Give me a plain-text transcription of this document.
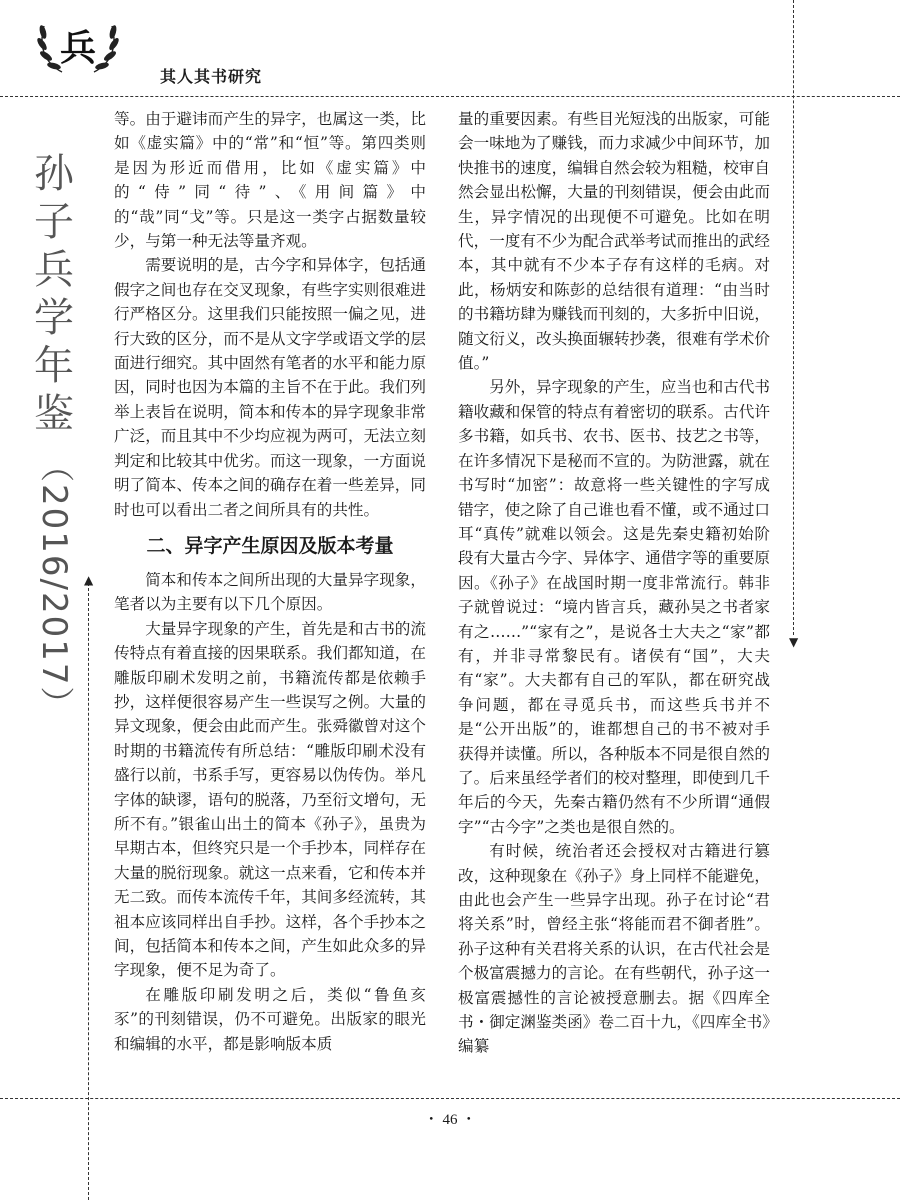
兵
其人其书研究
▲
▼
孙
子
兵
学
年
鉴
（2016/2017）

等。由于避讳而产生的异字，也属这一类，比如《虚实篇》中的“常”和“恒”等。第四类则是因为形近而借用，比如《虚实篇》中的“侍”同“待”、《用间篇》中的“哉”同“戈”等。只是这一类字占据数量较少，与第一种无法等量齐观。

需要说明的是，古今字和异体字，包括通假字之间也存在交叉现象，有些字实则很难进行严格区分。这里我们只能按照一偏之见，进行大致的区分，而不是从文字学或语文学的层面进行细究。其中固然有笔者的水平和能力原因，同时也因为本篇的主旨不在于此。我们列举上表旨在说明，简本和传本的异字现象非常广泛，而且其中不少均应视为两可，无法立刻判定和比较其中优劣。而这一现象，一方面说明了简本、传本之间的确存在着一些差异，同时也可以看出二者之间所具有的共性。

二、异字产生原因及版本考量

简本和传本之间所出现的大量异字现象，笔者以为主要有以下几个原因。

大量异字现象的产生，首先是和古书的流传特点有着直接的因果联系。我们都知道，在雕版印刷术发明之前，书籍流传都是依赖手抄，这样便很容易产生一些误写之例。大量的异文现象，便会由此而产生。张舜徽曾对这个时期的书籍流传有所总结：“雕版印刷术没有盛行以前，书系手写，更容易以伪传伪。举凡字体的缺谬，语句的脱落，乃至衍文增句，无所不有。”银雀山出土的简本《孙子》，虽贵为早期古本，但终究只是一个手抄本，同样存在大量的脱衍现象。就这一点来看，它和传本并无二致。而传本流传千年，其间多经流转，其祖本应该同样出自手抄。这样，各个手抄本之间，包括简本和传本之间，产生如此众多的异字现象，便不足为奇了。

在雕版印刷发明之后，类似“鲁鱼亥豕”的刊刻错误，仍不可避免。出版家的眼光和编辑的水平，都是影响版本质

量的重要因素。有些目光短浅的出版家，可能会一味地为了赚钱，而力求减少中间环节，加快推书的速度，编辑自然会较为粗糙，校审自然会显出松懈，大量的刊刻错误，便会由此而生，异字情况的出现便不可避免。比如在明代，一度有不少为配合武举考试而推出的武经本，其中就有不少本子存有这样的毛病。对此，杨炳安和陈彭的总结很有道理：“由当时的书籍坊肆为赚钱而刊刻的，大多折中旧说，随文衍义，改头换面辗转抄袭，很难有学术价值。”

另外，异字现象的产生，应当也和古代书籍收藏和保管的特点有着密切的联系。古代许多书籍，如兵书、农书、医书、技艺之书等，在许多情况下是秘而不宣的。为防泄露，就在书写时“加密”：故意将一些关键性的字写成错字，使之除了自己谁也看不懂，或不通过口耳“真传”就难以领会。这是先秦史籍初始阶段有大量古今字、异体字、通借字等的重要原因。《孙子》在战国时期一度非常流行。韩非子就曾说过：“境内皆言兵，藏孙吴之书者家有之……”“家有之”，是说各士大夫之“家”都有，并非寻常黎民有。诸侯有“国”，大夫有“家”。大夫都有自己的军队，都在研究战争问题，都在寻觅兵书，而这些兵书并不是“公开出版”的，谁都想自己的书不被对手获得并读懂。所以，各种版本不同是很自然的了。后来虽经学者们的校对整理，即使到几千年后的今天，先秦古籍仍然有不少所谓“通假字”“古今字”之类也是很自然的。

有时候，统治者还会授权对古籍进行篡改，这种现象在《孙子》身上同样不能避免，由此也会产生一些异字出现。孙子在讨论“君将关系”时，曾经主张“将能而君不御者胜”。孙子这种有关君将关系的认识，在古代社会是个极富震撼力的言论。在有些朝代，孙子这一极富震撼性的言论被授意删去。据《四库全书・御定渊鉴类函》卷二百十九，《四库全书》编纂

・ 46 ・
